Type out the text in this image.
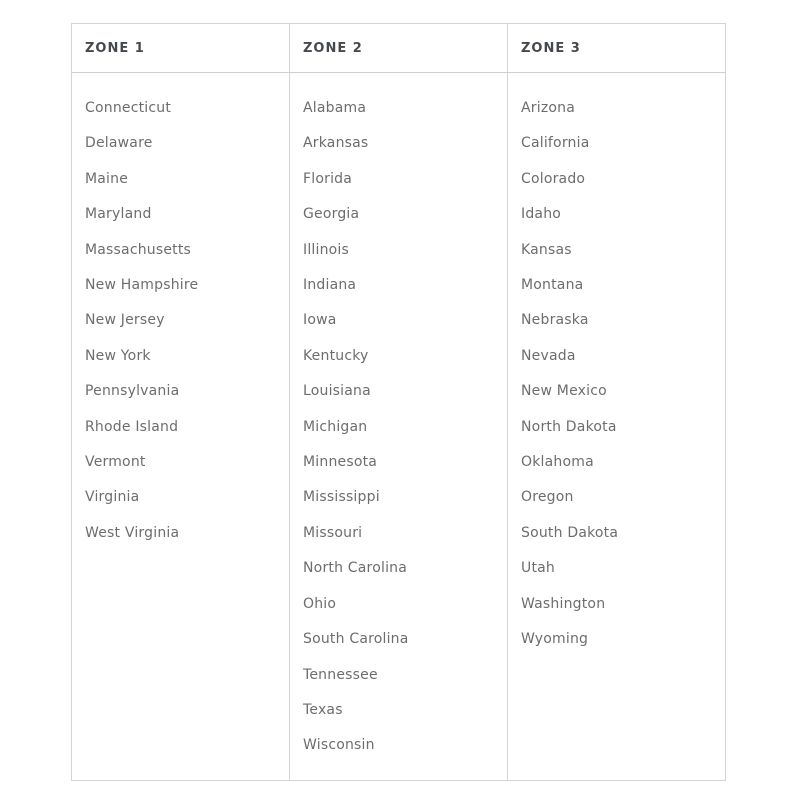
ZONE 1	ZONE 2	ZONE 3
Connecticut
Delaware
Maine
Maryland
Massachusetts
New Hampshire
New Jersey
New York
Pennsylvania
Rhode Island
Vermont
Virginia
West Virginia
Alabama
Arkansas
Florida
Georgia
Illinois
Indiana
Iowa
Kentucky
Louisiana
Michigan
Minnesota
Mississippi
Missouri
North Carolina
Ohio
South Carolina
Tennessee
Texas
Wisconsin
Arizona
California
Colorado
Idaho
Kansas
Montana
Nebraska
Nevada
New Mexico
North Dakota
Oklahoma
Oregon
South Dakota
Utah
Washington
Wyoming
